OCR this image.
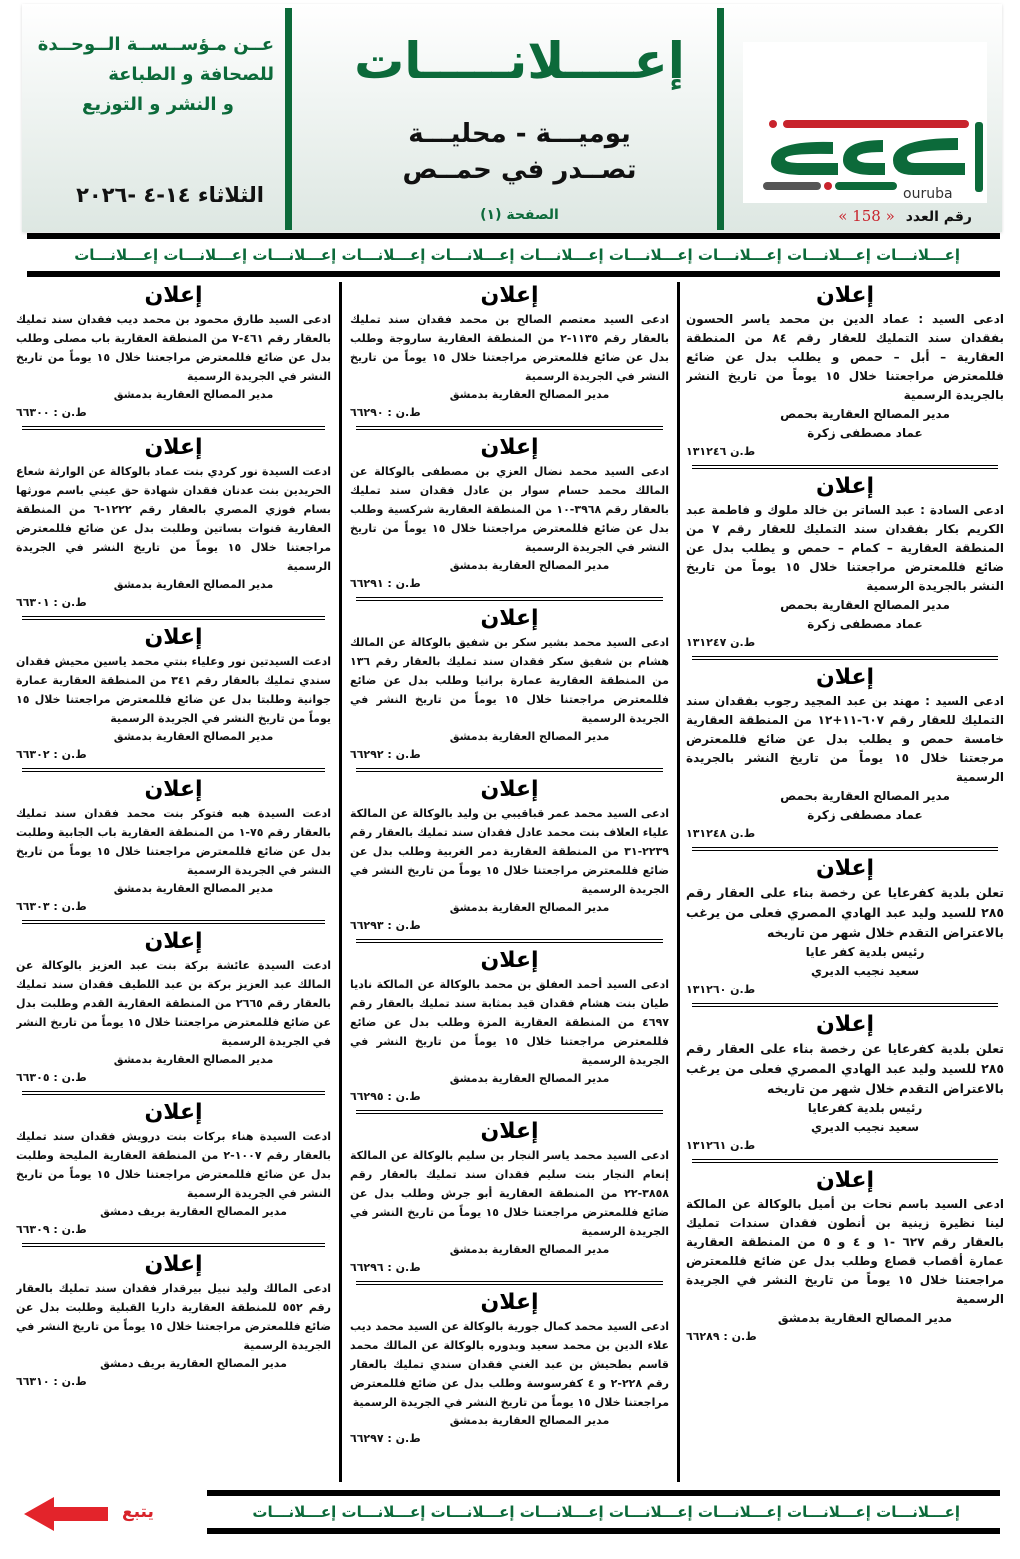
ouruba
رقم العدد « 158 »
إعــــلانـــــات
يوميـــة - محليـــة
تصــدر في حمــص
الصفحة (١)
عــن مـؤســســة الــوحــدة
للصحافة و الطباعة
و النشر و التوزيع
الثلاثاء ١٤-٤ -٢٠٢٦
إعـــلانـــات إعـــلانـــات إعـــلانـــات إعـــلانـــات إعـــلانـــات إعـــلانـــات إعـــلانـــات إعـــلانـــات إعـــلانـــات إعـــلانـــات
إعلان
ادعى السيد : عماد الدين بن محمد ياسر الحسون بفقدان سند التمليك للعقار رقم ٨٤ من المنطقة العقارية – أبل – حمص و يطلب بدل عن ضائع فللمعترض مراجعتنا خلال ١٥ يوماً من تاريخ النشر بالجريدة الرسمية
مدير المصالح العقارية بحمص
عماد مصطفى زكرة
ط.ن ١٣١٢٤٦
إعلان
ادعى السادة : عبد الساتر بن خالد ملوك و فاطمة عبد الكريم بكار بفقدان سند التمليك للعقار رقم ٧ من المنطقة العقارية – كمام – حمص و يطلب بدل عن ضائع فللمعترض مراجعتنا خلال ١٥ يوماً من تاريخ النشر بالجريدة الرسمية
مدير المصالح العقارية بحمص
عماد مصطفى زكرة
ط.ن ١٣١٢٤٧
إعلان
ادعى السيد : مهند بن عبد المجيد رجوب بفقدان سند التمليك للعقار رقم ٦٠٧-١١+١٢ من المنطقة العقارية خامسة حمص و يطلب بدل عن ضائع فللمعترض مرجعتنا خلال ١٥ يوماً من تاريخ النشر بالجريدة الرسمية
مدير المصالح العقارية بحمص
عماد مصطفى زكرة
ط.ن ١٣١٢٤٨
إعلان
تعلن بلدية كفرعايا عن رخصة بناء على العقار رقم ٢٨٥ للسيد وليد عبد الهادي المصري فعلى من يرغب بالاعتراض التقدم خلال شهر من تاريخه
رئيس بلدية كفر عايا
سعيد نجيب الديري
ط.ن ١٣١٢٦٠
إعلان
تعلن بلدية كفرعايا عن رخصة بناء على العقار رقم ٢٨٥ للسيد وليد عبد الهادي المصري فعلى من يرغب بالاعتراض التقدم خلال شهر من تاريخه
رئيس بلدية كفرعايا
سعيد نجيب الديري
ط.ن ١٣١٢٦١
إعلان
ادعى السيد باسم نحات بن أميل بالوكالة عن المالكة لينا نظيرة زينية بن أنطون فقدان سندات تمليك بالعقار رقم ٦٢٧ -١ و ٤ و ٥ من المنطقة العقارية عمارة أقصاب قصاع وطلب بدل عن ضائع فللمعترض مراجعتنا خلال ١٥ يوماً من تاريخ النشر في الجريدة الرسمية
مدير المصالح العقارية بدمشق
ط.ن : ٦٦٢٨٩
إعلان
ادعى السيد معتصم الصالح بن محمد فقدان سند تمليك بالعقار رقم ١١٣٥-٢ من المنطقة العقارية ساروجة وطلب بدل عن ضائع فللمعترض مراجعتنا خلال ١٥ يوماً من تاريخ النشر في الجريدة الرسمية
مدير المصالح العقارية بدمشق
ط.ن : ٦٦٢٩٠
إعلان
ادعى السيد محمد نضال العزي بن مصطفى بالوكالة عن المالك محمد حسام سوار بن عادل فقدان سند تمليك بالعقار رقم ٣٩٦٨-١٠ من المنطقة العقارية شركسية وطلب بدل عن ضائع فللمعترض مراجعتنا خلال ١٥ يوماً من تاريخ النشر في الجريدة الرسمية
مدير المصالح العقارية بدمشق
ط.ن : ٦٦٢٩١
إعلان
ادعى السيد محمد بشير سكر بن شفيق بالوكالة عن المالك هشام بن شفيق سكر فقدان سند تمليك بالعقار رقم ١٣٦ من المنطقة العقارية عمارة برانيا وطلب بدل عن ضائع فللمعترض مراجعتنا خلال ١٥ يوماً من تاريخ النشر في الجريدة الرسمية
مدير المصالح العقارية بدمشق
ط.ن : ٦٦٢٩٢
إعلان
ادعى السيد محمد عمر قباقيبي بن وليد بالوكالة عن المالكة علياء العلاف بنت محمد عادل فقدان سند تمليك بالعقار رقم ٢٢٣٩-٣١ من المنطقة العقارية دمر الغربية وطلب بدل عن ضائع فللمعترض مراجعتنا خلال ١٥ يوماً من تاريخ النشر في الجريدة الرسمية
مدير المصالح العقارية بدمشق
ط.ن : ٦٦٢٩٣
إعلان
ادعى السيد أحمد العفلق بن محمد بالوكالة عن المالكة ناديا طيان بنت هشام فقدان قيد بمثابة سند تمليك بالعقار رقم ٤٦٩٧ من المنطقة العقارية المزة وطلب بدل عن ضائع فللمعترض مراجعتنا خلال ١٥ يوماً من تاريخ النشر في الجريدة الرسمية
مدير المصالح العقارية بدمشق
ط.ن : ٦٦٢٩٥
إعلان
ادعى السيد محمد ياسر النجار بن سليم بالوكالة عن المالكة إنعام النجار بنت سليم فقدان سند تمليك بالعقار رقم ٣٨٥٨-٢٢ من المنطقة العقارية أبو جرش وطلب بدل عن ضائع فللمعترض مراجعتنا خلال ١٥ يوماً من تاريخ النشر في الجريدة الرسمية
مدير المصالح العقارية بدمشق
ط.ن : ٦٦٢٩٦
إعلان
ادعى السيد محمد كمال جورية بالوكالة عن السيد محمد ديب علاء الدين بن محمد سعيد وبدوره بالوكالة عن المالك محمد قاسم بطحيش بن عبد الغني فقدان سندي تمليك بالعقار رقم ٢٢٨-٢ و ٤ كفرسوسة وطلب بدل عن ضائع فللمعترض مراجعتنا خلال ١٥ يوماً من تاريخ النشر في الجريدة الرسمية
مدير المصالح العقارية بدمشق
ط.ن : ٦٦٢٩٧
إعلان
ادعى السيد طارق محمود بن محمد ديب فقدان سند تمليك بالعقار رقم ٤٦١-٧ من المنطقة العقارية باب مصلى وطلب بدل عن ضائع فللمعترض مراجعتنا خلال ١٥ يوماً من تاريخ النشر في الجريدة الرسمية
مدير المصالح العقارية بدمشق
ط.ن : ٦٦٣٠٠
إعلان
ادعت السيدة نور كردي بنت عماد بالوكالة عن الوارثة شعاع الحريدين بنت عدنان فقدان شهادة حق عيني باسم مورثها بسام فوزي المصري بالعقار رقم ١٢٢٢-٦ من المنطقة العقارية قنوات بساتين وطلبت بدل عن ضائع فللمعترض مراجعتنا خلال ١٥ يوماً من تاريخ النشر في الجريدة الرسمية
مدير المصالح العقارية بدمشق
ط.ن : ٦٦٣٠١
إعلان
ادعت السيدتين نور وعلياء بنتي محمد ياسين محيش فقدان سندي تمليك بالعقار رقم ٣٤١ من المنطقة العقارية عمارة جوانية وطلبتا بدل عن ضائع فللمعترض مراجعتنا خلال ١٥ يوماً من تاريخ النشر في الجريدة الرسمية
مدير المصالح العقارية بدمشق
ط.ن : ٦٦٣٠٢
إعلان
ادعت السيدة هبه فتوكر بنت محمد فقدان سند تمليك بالعقار رقم ٧٥-١ من المنطقة العقارية باب الجابية وطلبت بدل عن ضائع فللمعترض مراجعتنا خلال ١٥ يوماً من تاريخ النشر في الجريدة الرسمية
مدير المصالح العقارية بدمشق
ط.ن : ٦٦٣٠٣
إعلان
ادعت السيدة عائشة بركة بنت عبد العزيز بالوكالة عن المالك عبد العزيز بركة بن عبد اللطيف فقدان سند تمليك بالعقار رقم ٢٦٦٥ من المنطقة العقارية القدم وطلبت بدل عن ضائع فللمعترض مراجعتنا خلال ١٥ يوماً من تاريخ النشر في الجريدة الرسمية
مدير المصالح العقارية بدمشق
ط.ن : ٦٦٣٠٥
إعلان
ادعت السيدة هناء بركات بنت درويش فقدان سند تمليك بالعقار رقم ١٠٠٧-٢ من المنطقة العقارية المليحة وطلبت بدل عن ضائع فللمعترض مراجعتنا خلال ١٥ يوماً من تاريخ النشر في الجريدة الرسمية
مدير المصالح العقارية بريف دمشق
ط.ن : ٦٦٣٠٩
إعلان
ادعى المالك وليد نبيل بيرقدار فقدان سند تمليك بالعقار رقم ٥٥٢ للمنطقة العقارية داريا القبلية وطلبت بدل عن ضائع فللمعترض مراجعتنا خلال ١٥ يوماً من تاريخ النشر في الجريدة الرسمية
مدير المصالح العقارية بريف دمشق
ط.ن : ٦٦٣١٠
يتبع	إعـــلانـــات إعـــلانـــات إعـــلانـــات إعـــلانـــات إعـــلانـــات إعـــلانـــات إعـــلانـــات إعـــلانـــات
